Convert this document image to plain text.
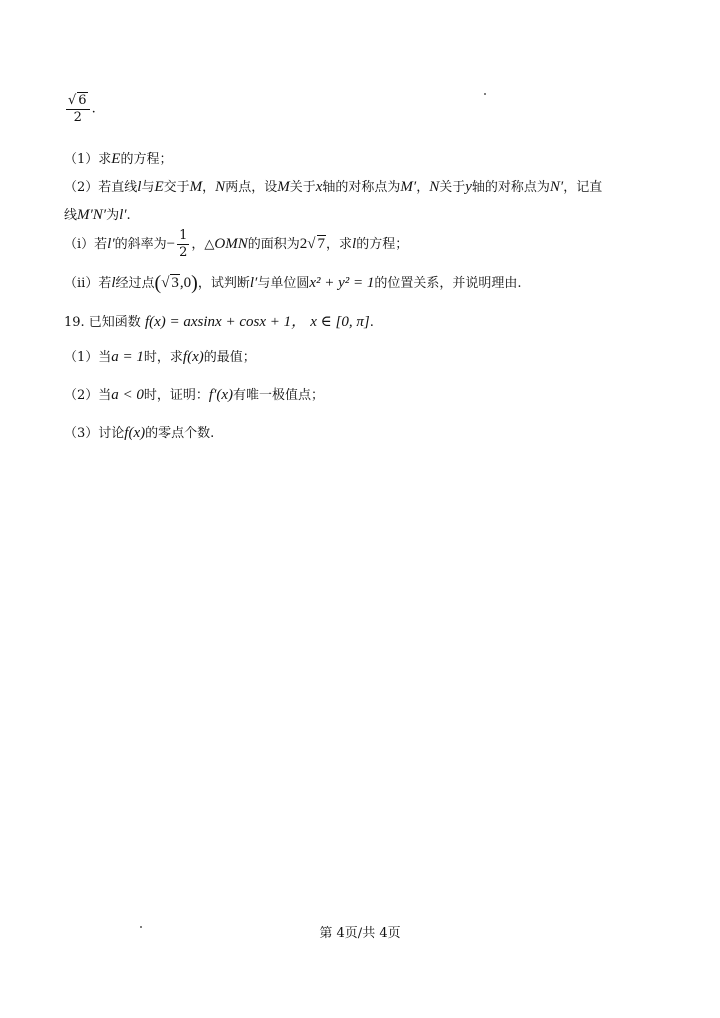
$\frac{√ 6}{2}$ .
（1）求E的方程；
（2）若直线l与E交于M，N两点，设M关于x轴的对称点为M′，N关于y轴的对称点为N′，记直
线M′N′为l′.
（ⅰ）若l′的斜率为− $\frac{1}{2}$ ，△OMN的面积为2√ 7，求l的方程；
（ⅱ）若l经过点(√ 3,0)，试判断l′与单位圆x² + y² = 1的位置关系，并说明理由.
19. 已知函数 f(x) = axsinx + cosx + 1， x ∈ [0, π].
（1）当a = 1时，求f(x)的最值；
（2）当a < 0时，证明：f′(x)有唯一极值点；
（3）讨论f(x)的零点个数.
第 4页/共 4页
